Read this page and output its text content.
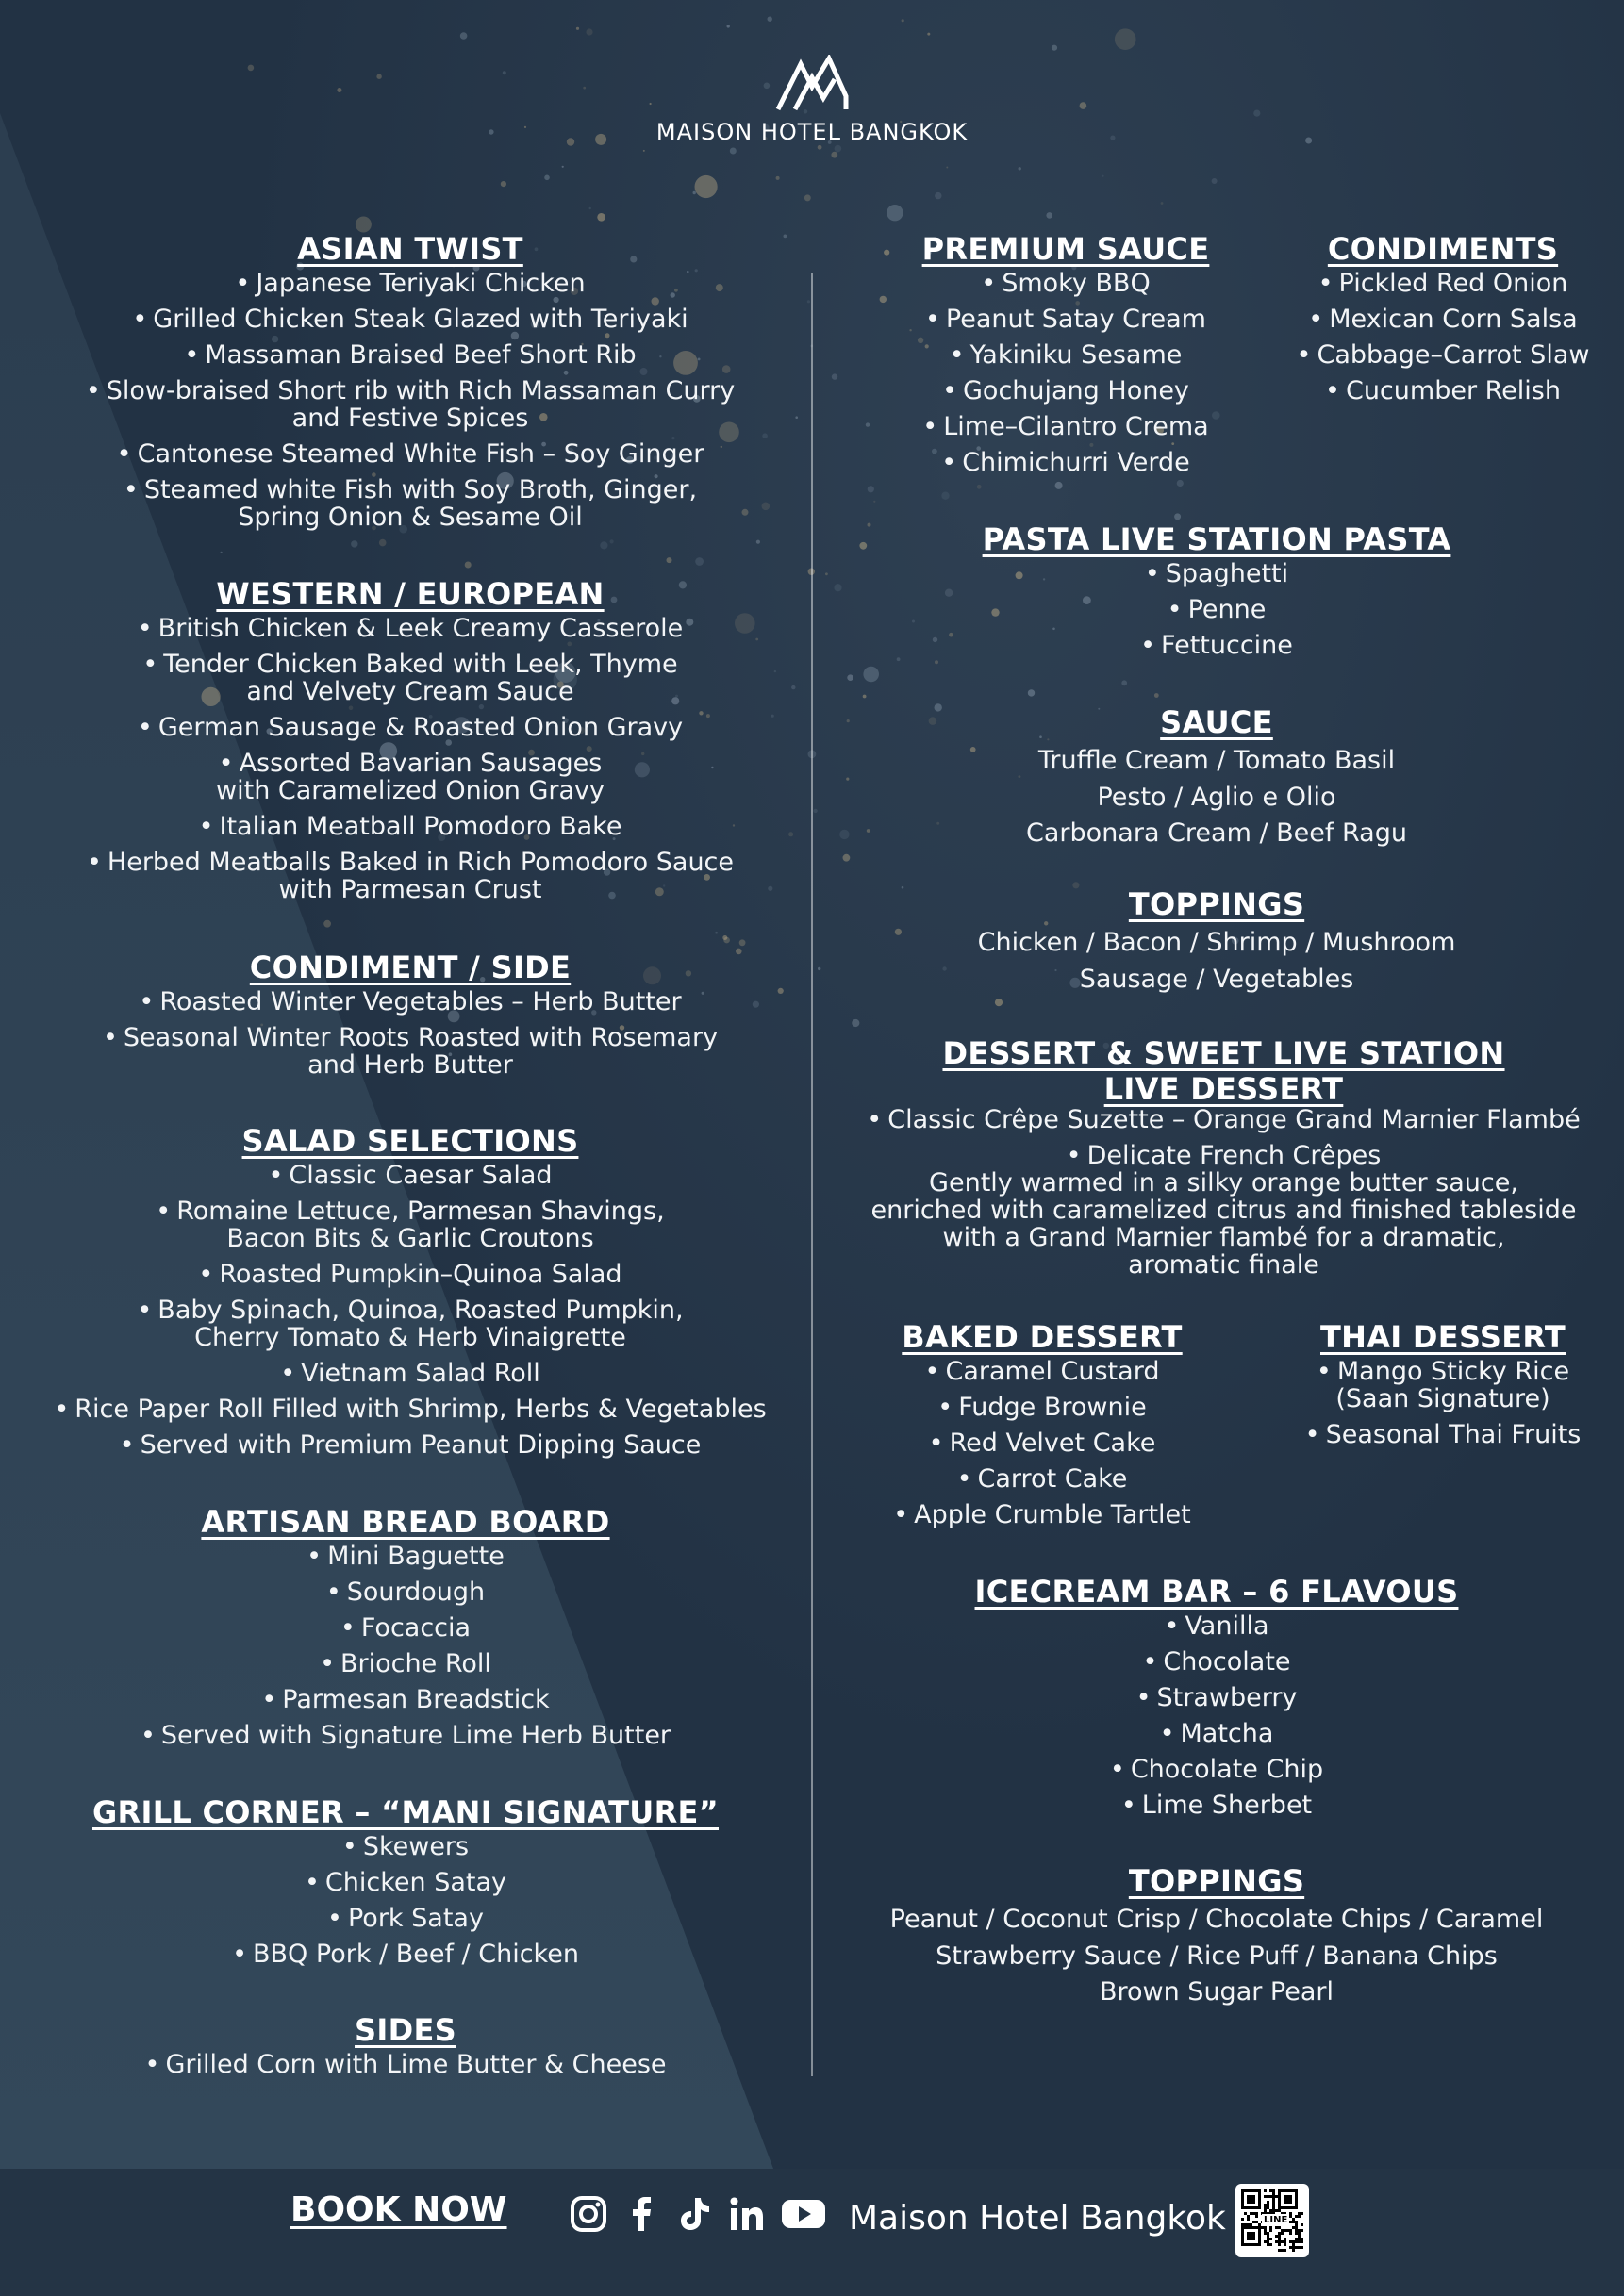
MAISON HOTEL BANGKOK
ASIAN TWIST
• Japanese Teriyaki Chicken
• Grilled Chicken Steak Glazed with Teriyaki
• Massaman Braised Beef Short Rib
• Slow-braised Short rib with Rich Massaman Curry
and Festive Spices
• Cantonese Steamed White Fish – Soy Ginger
• Steamed white Fish with Soy Broth, Ginger,
Spring Onion & Sesame Oil
WESTERN / EUROPEAN
• British Chicken & Leek Creamy Casserole
• Tender Chicken Baked with Leek, Thyme
and Velvety Cream Sauce
• German Sausage & Roasted Onion Gravy
• Assorted Bavarian Sausages
with Caramelized Onion Gravy
• Italian Meatball Pomodoro Bake
• Herbed Meatballs Baked in Rich Pomodoro Sauce
with Parmesan Crust
CONDIMENT / SIDE
• Roasted Winter Vegetables – Herb Butter
• Seasonal Winter Roots Roasted with Rosemary
and Herb Butter
SALAD SELECTIONS
• Classic Caesar Salad
• Romaine Lettuce, Parmesan Shavings,
Bacon Bits & Garlic Croutons
• Roasted Pumpkin–Quinoa Salad
• Baby Spinach, Quinoa, Roasted Pumpkin,
Cherry Tomato & Herb Vinaigrette
• Vietnam Salad Roll
• Rice Paper Roll Filled with Shrimp, Herbs & Vegetables
• Served with Premium Peanut Dipping Sauce
ARTISAN BREAD BOARD
• Mini Baguette
• Sourdough
• Focaccia
• Brioche Roll
• Parmesan Breadstick
• Served with Signature Lime Herb Butter
GRILL CORNER – “MANI SIGNATURE”
• Skewers
• Chicken Satay
• Pork Satay
• BBQ Pork / Beef / Chicken
SIDES
• Grilled Corn with Lime Butter & Cheese
PREMIUM SAUCE
• Smoky BBQ
• Peanut Satay Cream
• Yakiniku Sesame
• Gochujang Honey
• Lime–Cilantro Crema
• Chimichurri Verde
CONDIMENTS
• Pickled Red Onion
• Mexican Corn Salsa
• Cabbage–Carrot Slaw
• Cucumber Relish
PASTA LIVE STATION PASTA
• Spaghetti
• Penne
• Fettuccine
SAUCE
Truffle Cream / Tomato Basil
Pesto / Aglio e Olio
Carbonara Cream / Beef Ragu
TOPPINGS
Chicken / Bacon / Shrimp / Mushroom
Sausage / Vegetables
DESSERT & SWEET LIVE STATION
LIVE DESSERT
• Classic Crêpe Suzette – Orange Grand Marnier Flambé
• Delicate French Crêpes
Gently warmed in a silky orange butter sauce,
enriched with caramelized citrus and finished tableside
with a Grand Marnier flambé for a dramatic,
aromatic finale
BAKED DESSERT
• Caramel Custard
• Fudge Brownie
• Red Velvet Cake
• Carrot Cake
• Apple Crumble Tartlet
THAI DESSERT
• Mango Sticky Rice
(Saan Signature)
• Seasonal Thai Fruits
ICECREAM BAR – 6 FLAVOUS
• Vanilla
• Chocolate
• Strawberry
• Matcha
• Chocolate Chip
• Lime Sherbet
TOPPINGS
Peanut / Coconut Crisp / Chocolate Chips / Caramel
Strawberry Sauce / Rice Puff / Banana Chips
Brown Sugar Pearl
BOOK NOW	Maison Hotel Bangkok	LINE
